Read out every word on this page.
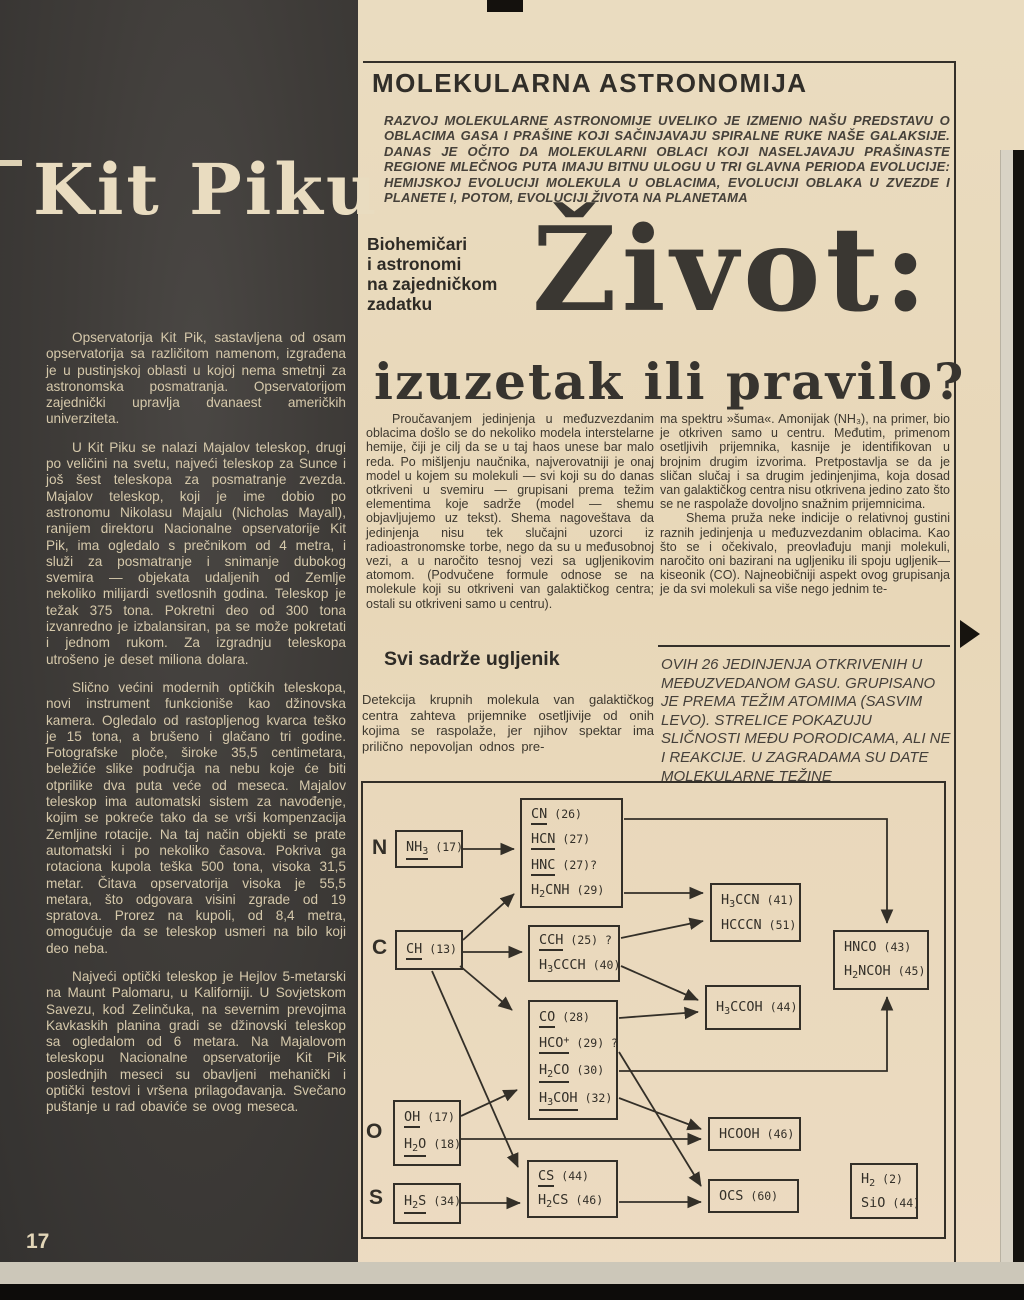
Kit Piku

Opservatorija Kit Pik, sastavljena od osam opservatorija sa različitom namenom, izgrađena je u pustinjskoj oblasti u kojoj nema smetnji za astronomska posmatranja. Opservatorijom zajednički upravlja dvanaest američkih univerziteta.

U Kit Piku se nalazi Majalov teleskop, drugi po veličini na svetu, najveći teleskop za Sunce i još šest teleskopa za posmatranje zvezda. Majalov teleskop, koji je ime dobio po astronomu Nikolasu Majalu (Nicholas Mayall), ranijem direktoru Nacionalne opservatorije Kit Pik, ima ogledalo s prečnikom od 4 metra, i služi za posmatranje i snimanje dubokog svemira — objekata udaljenih od Zemlje nekoliko milijardi svetlosnih godina. Teleskop je težak 375 tona. Pokretni deo od 300 tona izvanredno je izbalansiran, pa se može pokretati i jednom rukom. Za izgradnju teleskopa utrošeno je deset miliona dolara.

Slično većini modernih optičkih teleskopa, novi instrument funkcioniše kao džinovska kamera. Ogledalo od rastopljenog kvarca teško je 15 tona, a brušeno i glačano tri godine. Fotografske ploče, široke 35,5 centimetara, beležiće slike područja na nebu koje će biti otprilike dva puta veće od meseca. Majalov teleskop ima automatski sistem za navođenje, kojim se pokreće tako da se vrši kompenzacija Zemljine rotacije. Na taj način objekti se prate automatski i po nekoliko časova. Pokriva ga rotaciona kupola teška 500 tona, visoka 31,5 metar. Čitava opservatorija visoka je 55,5 metara, što odgovara visini zgrade od 19 spratova. Prorez na kupoli, od 8,4 metra, omogućuje da se teleskop usmeri na bilo koji deo neba.

Najveći optički teleskop je Hejlov 5-metarski na Maunt Palomaru, u Kaliforniji. U Sovjetskom Savezu, kod Zelinčuka, na severnim prevojima Kavkaskih planina gradi se džinovski teleskop sa ogledalom od 6 metara. Na Majalovom teleskopu Nacionalne opservatorije Kit Pik poslednjih meseci su obavljeni mehanički i optički testovi i vršena prilagođavanja. Svečano puštanje u rad obaviće se ovog meseca.

17
MOLEKULARNA ASTRONOMIJA
RAZVOJ MOLEKULARNE ASTRONOMIJE UVELIKO JE IZMENIO NAŠU PREDSTAVU O OBLACIMA GASA I PRAŠINE KOJI SAČINJAVAJU SPIRALNE RUKE NAŠE GALAKSIJE. DANAS JE OČITO DA MOLEKULARNI OBLACI KOJI NASELJAVAJU PRAŠINASTE REGIONE MLEČNOG PUTA IMAJU BITNU ULOGU U TRI GLAVNA PERIODA EVOLUCIJE: HEMIJSKOJ EVOLUCIJI MOLEKULA U OBLACIMA, EVOLUCIJI OBLAKA U ZVEZDE I PLANETE I, POTOM, EVOLUCIJI ŽIVOTA NA PLANETAMA
Biohemičari
i astronomi
na zajedničkom
zadatku Život:
izuzetak ili pravilo?

Proučavanjem jedinjenja u međuzvezdanim oblacima došlo se do nekoliko modela interstelarne hemije, čiji je cilj da se u taj haos unese bar malo reda. Po mišljenju naučnika, najverovatniji je onaj model u kojem su molekuli — svi koji su do danas otkriveni u svemiru — grupisani prema težim elementima koje sadrže (model — shemu objavljujemo uz tekst). Shema nagoveštava da jedinjenja nisu tek slučajni uzorci iz radioastronomske torbe, nego da su u međusobnoj vezi, a u naročito tesnoj vezi sa ugljenikovim atomom. (Podvučene formule odnose se na molekule koji su otkriveni van galaktičkog centra; ostali su otkriveni samo u centru).

ma spektru »šuma«. Amonijak (NH₃), na primer, bio je otkriven samo u centru. Međutim, primenom osetljivih prijemnika, kasnije je identifikovan u brojnim drugim izvorima. Pretpostavlja se da je sličan slučaj i sa drugim jedinjenjima, koja dosad van galaktičkog centra nisu otkrivena jedino zato što se ne raspolaže dovoljno snažnim prijemnicima.

Shema pruža neke indicije o relativnoj gustini raznih jedinjenja u međuzvezdanim oblacima. Kao što se i očekivalo, preovlađuju manji molekuli, naročito oni bazirani na ugljeniku ili spoju ugljenik—kiseonik (CO). Najneobičniji aspekt ovog grupisanja je da svi molekuli sa više nego jednim te-

Svi sadrže ugljenik
Detekcija krupnih molekula van galaktičkog centra zahteva prijemnike osetljivije od onih kojima se raspolaže, jer njihov spektar ima prilično nepovoljan odnos pre-
OVIH 26 JEDINJENJA OTKRIVENIH U MEĐUZVEDANOM GASU. GRUPISANO JE PREMA TEŽIM ATOMIMA (SASVIM LEVO). STRELICE POKAZUJU SLIČNOSTI MEĐU PORODICAMA, ALI NE I REAKCIJE. U ZAGRADAMA SU DATE MOLEKULARNE TEŽINE
$NH_3$ (17)
CH (13)
OH (17)
$H_2O$ (18)
$H_2S$ (34)
CN (26)
HCN (27)
HNC (27)?
$H_2CNH$ (29)
CCH (25) ?
$H_3CCCH$ (40)
CO (28)
HCO+ (29) ?
$H_2CO$ (30)
$H_3COH$ (32)
CS (44)
$H_2CS$ (46)
$H_3CCN$ (41)
HCCCN (51)
HNCO (43)
$H_2NCOH$ (45)
$H_3CCOH$ (44)
HCOOH (46)
OCS (60)
$H_2$ (2)
SiO (44)
N
C
O
S
